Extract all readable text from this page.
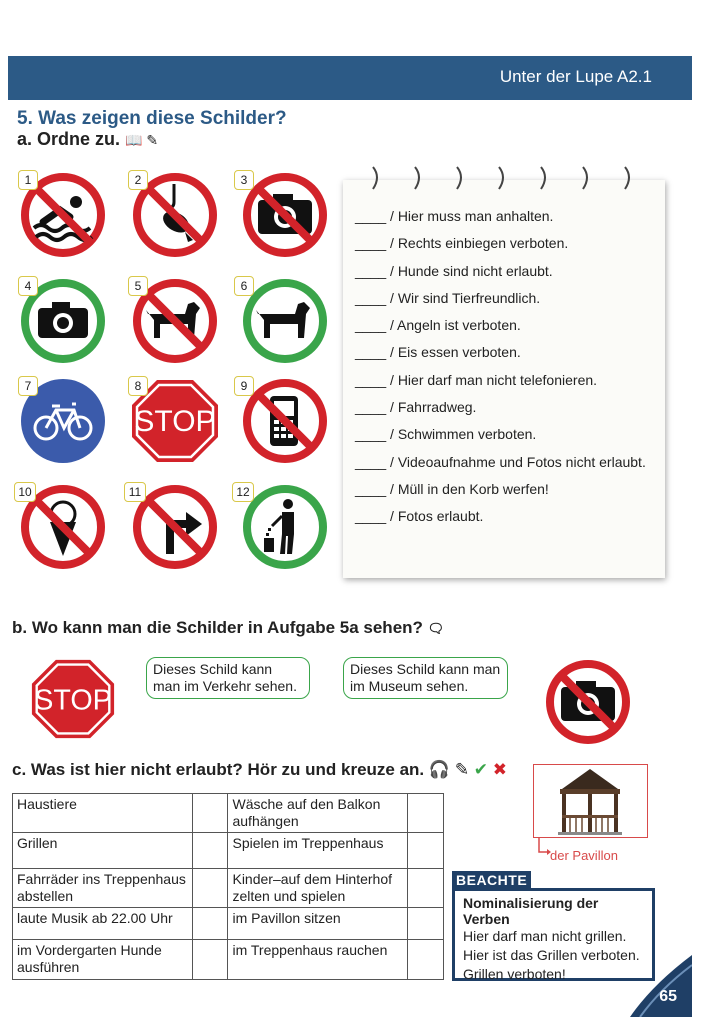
Unter der Lupe A2.1
5. Was zeigen diese Schilder?
a. Ordne zu. 📖 ✎
1	2	3
4	5	6
7
STOP
8	9
10	11	12
____ / Hier muss man anhalten.
____ / Rechts einbiegen verboten.
____ / Hunde sind nicht erlaubt.
____ / Wir sind Tierfreundlich.
____ / Angeln ist verboten.
____ / Eis essen verboten.
____ / Hier darf man nicht telefonieren.
____ / Fahrradweg.
____ / Schwimmen verboten.
____ / Videoaufnahme und Fotos nicht erlaubt.
____ / Müll in den Korb werfen!
____ / Fotos erlaubt.
b. Wo kann man die Schilder in Aufgabe 5a sehen? 🗨
STOP
Dieses Schild kann man im Verkehr sehen.
Dieses Schild kann man im Museum sehen.
c. Was ist hier nicht erlaubt? Hör zu und kreuze an. 🎧 ✎ ✔ ✖
Haustiere		Wäsche auf den Balkon aufhängen	
Grillen		Spielen im Treppenhaus	
Fahrräder ins Treppenhaus abstellen		Kinder–auf dem Hinterhof zelten und spielen	
laute Musik ab 22.00 Uhr		im Pavillon sitzen	
im Vordergarten Hunde ausführen		im Treppenhaus rauchen	
der Pavillon
BEACHTE
Nominalisierung der Verben
Hier darf man nicht grillen.
Hier ist das Grillen verboten.
Grillen verboten!
65
